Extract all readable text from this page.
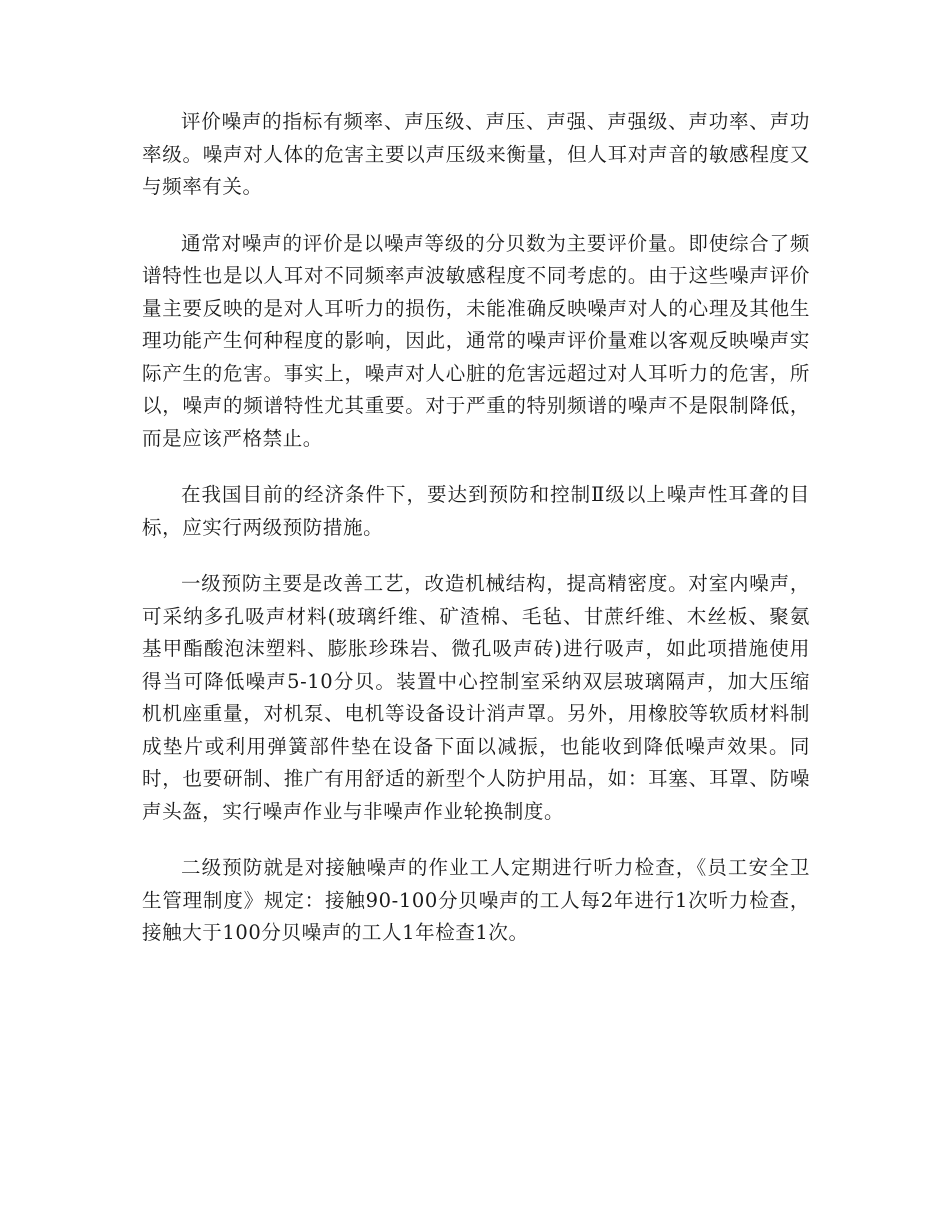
评价噪声的指标有频率、声压级、声压、声强、声强级、声功率、声功率级。噪声对人体的危害主要以声压级来衡量，但人耳对声音的敏感程度又与频率有关。

通常对噪声的评价是以噪声等级的分贝数为主要评价量。即使综合了频谱特性也是以人耳对不同频率声波敏感程度不同考虑的。由于这些噪声评价量主要反映的是对人耳听力的损伤，未能准确反映噪声对人的心理及其他生理功能产生何种程度的影响，因此，通常的噪声评价量难以客观反映噪声实际产生的危害。事实上，噪声对人心脏的危害远超过对人耳听力的危害，所以，噪声的频谱特性尤其重要。对于严重的特别频谱的噪声不是限制降低，而是应该严格禁止。

在我国目前的经济条件下，要达到预防和控制Ⅱ级以上噪声性耳聋的目标，应实行两级预防措施。

一级预防主要是改善工艺，改造机械结构，提高精密度。对室内噪声，可采纳多孔吸声材料(玻璃纤维、矿渣棉、毛毡、甘蔗纤维、木丝板、聚氨基甲酯酸泡沫塑料、膨胀珍珠岩、微孔吸声砖)进行吸声，如此项措施使用得当可降低噪声5-10分贝。装置中心控制室采纳双层玻璃隔声，加大压缩机机座重量，对机泵、电机等设备设计消声罩。另外，用橡胶等软质材料制成垫片或利用弹簧部件垫在设备下面以减振，也能收到降低噪声效果。同时，也要研制、推广有用舒适的新型个人防护用品，如：耳塞、耳罩、防噪声头盔，实行噪声作业与非噪声作业轮换制度。

二级预防就是对接触噪声的作业工人定期进行听力检查，《员工安全卫生管理制度》规定：接触90-100分贝噪声的工人每2年进行1次听力检查，接触大于100分贝噪声的工人1年检查1次。
